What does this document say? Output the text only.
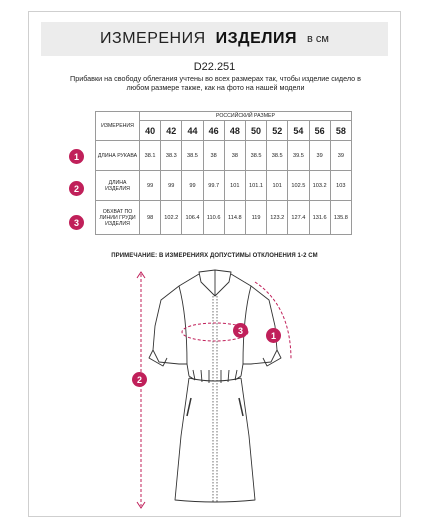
ИЗМЕРЕНИЯ ИЗДЕЛИЯ в см
D22.251
Прибавки на свободу облегания учтены во всех размерах так, чтобы изделие сидело в любом размере также, как на фото на нашей модели
ИЗМЕРЕНИЯ	РОССИЙСКИЙ РАЗМЕР									
	40	42	44	46	48	50	52	54	56	58
ДЛИНА РУКАВА	38.1	38.3	38.5	38	38	38.5	38.5	39.5	39	39
ДЛИНА ИЗДЕЛИЯ	99	99	99	99.7	101	101.1	101	102.5	103.2	103
ОБХВАТ ПО ЛИНИИ ГРУДИ ИЗДЕЛИЯ	98	102.2	106.4	110.6	114.8	119	123.2	127.4	131.6	135.8
1
2
3
ПРИМЕЧАНИЕ: В ИЗМЕРЕНИЯХ ДОПУСТИМЫ ОТКЛОНЕНИЯ 1-2 СМ
3	1
2
